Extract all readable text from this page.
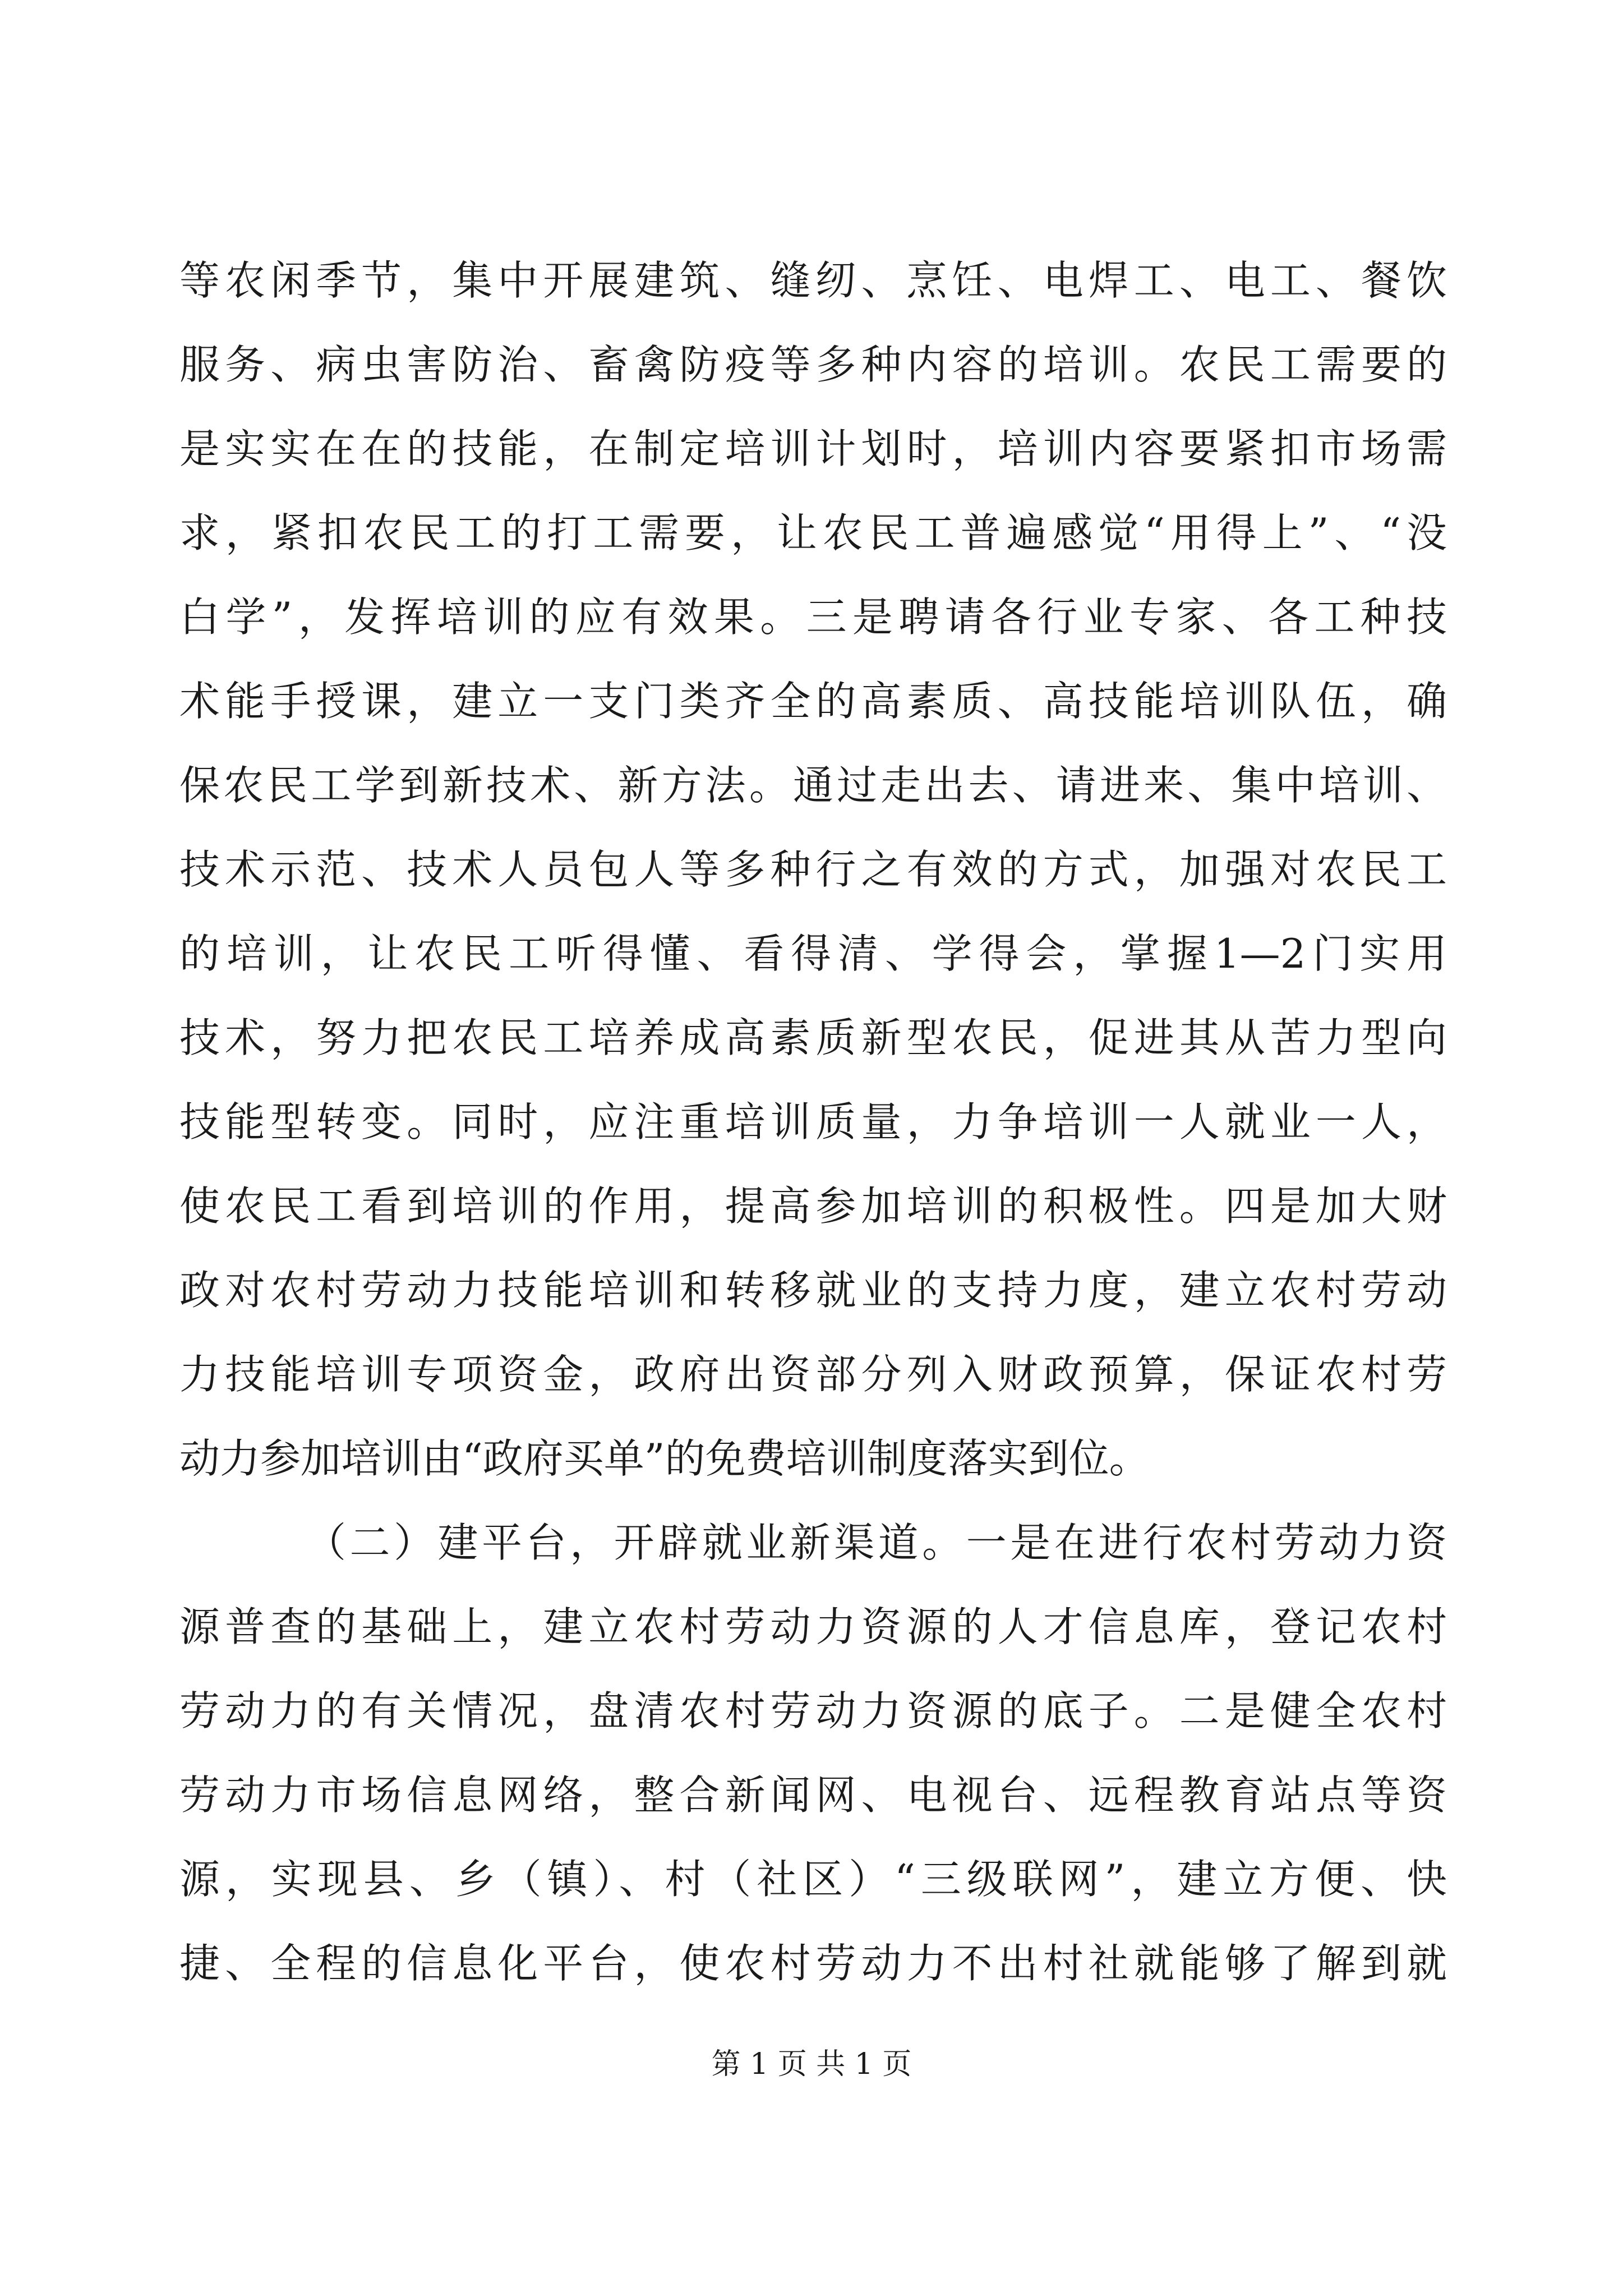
等农闲季节，集中开展建筑、缝纫、烹饪、电焊工、电工、餐饮
服务、病虫害防治、畜禽防疫等多种内容的培训。农民工需要的
是实实在在的技能，在制定培训计划时，培训内容要紧扣市场需
求，紧扣农民工的打工需要，让农民工普遍感觉“用得上”、“没
白学”，发挥培训的应有效果。三是聘请各行业专家、各工种技
术能手授课，建立一支门类齐全的高素质、高技能培训队伍，确
保农民工学到新技术、新方法。通过走出去、请进来、集中培训、
技术示范、技术人员包人等多种行之有效的方式，加强对农民工
的培训，让农民工听得懂、看得清、学得会，掌握1—2门实用
技术，努力把农民工培养成高素质新型农民，促进其从苦力型向
技能型转变。同时，应注重培训质量，力争培训一人就业一人，
使农民工看到培训的作用，提高参加培训的积极性。四是加大财
政对农村劳动力技能培训和转移就业的支持力度，建立农村劳动
力技能培训专项资金，政府出资部分列入财政预算，保证农村劳
动力参加培训由“政府买单”的免费培训制度落实到位。
（二）建平台，开辟就业新渠道。一是在进行农村劳动力资
源普查的基础上，建立农村劳动力资源的人才信息库，登记农村
劳动力的有关情况，盘清农村劳动力资源的底子。二是健全农村
劳动力市场信息网络，整合新闻网、电视台、远程教育站点等资
源，实现县、乡（镇）、村（社区）“三级联网”，建立方便、快
捷、全程的信息化平台，使农村劳动力不出村社就能够了解到就
第 1 页 共 1 页
